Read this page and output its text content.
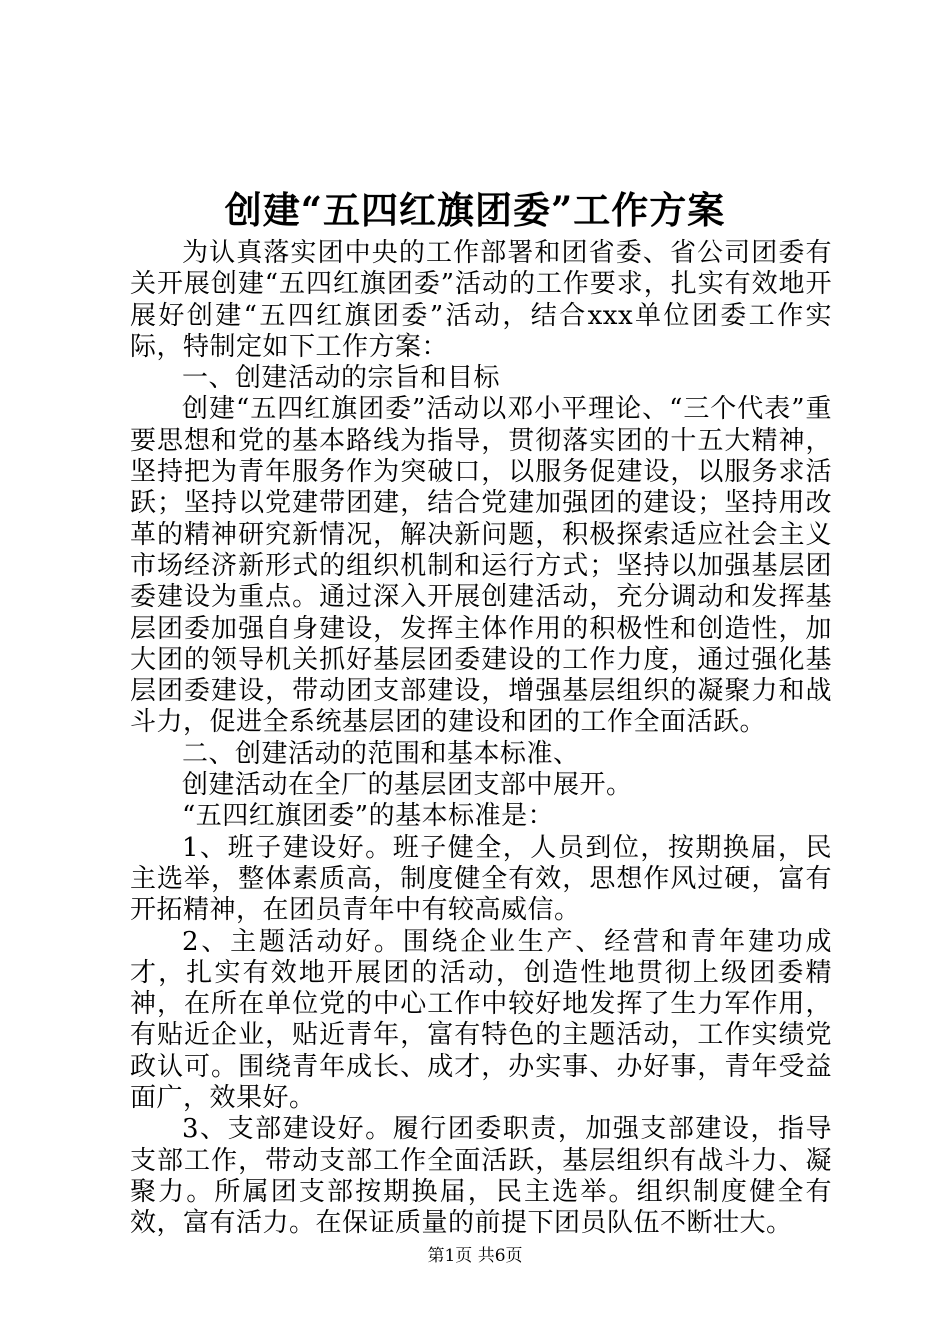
创建“五四红旗团委”工作方案

为认真落实团中央的工作部署和团省委、省公司团委有关开展创建“五四红旗团委”活动的工作要求，扎实有效地开展好创建“五四红旗团委”活动，结合xxx单位团委工作实际，特制定如下工作方案：

一、创建活动的宗旨和目标

创建“五四红旗团委”活动以邓小平理论、“三个代表”重要思想和党的基本路线为指导，贯彻落实团的十五大精神，坚持把为青年服务作为突破口，以服务促建设，以服务求活跃；坚持以党建带团建，结合党建加强团的建设；坚持用改革的精神研究新情况，解决新问题，积极探索适应社会主义市场经济新形式的组织机制和运行方式；坚持以加强基层团委建设为重点。通过深入开展创建活动，充分调动和发挥基层团委加强自身建设，发挥主体作用的积极性和创造性，加大团的领导机关抓好基层团委建设的工作力度，通过强化基层团委建设，带动团支部建设，增强基层组织的凝聚力和战斗力，促进全系统基层团的建设和团的工作全面活跃。

二、创建活动的范围和基本标准、

创建活动在全厂的基层团支部中展开。

“五四红旗团委”的基本标准是：

1、班子建设好。班子健全，人员到位，按期换届，民主选举，整体素质高，制度健全有效，思想作风过硬，富有开拓精神，在团员青年中有较高威信。

2、主题活动好。围绕企业生产、经营和青年建功成才，扎实有效地开展团的活动，创造性地贯彻上级团委精神，在所在单位党的中心工作中较好地发挥了生力军作用，有贴近企业，贴近青年，富有特色的主题活动，工作实绩党政认可。围绕青年成长、成才，办实事、办好事，青年受益面广，效果好。

3、支部建设好。履行团委职责，加强支部建设，指导支部工作，带动支部工作全面活跃，基层组织有战斗力、凝聚力。所属团支部按期换届，民主选举。组织制度健全有效，富有活力。在保证质量的前提下团员队伍不断壮大。

第1页 共6页
